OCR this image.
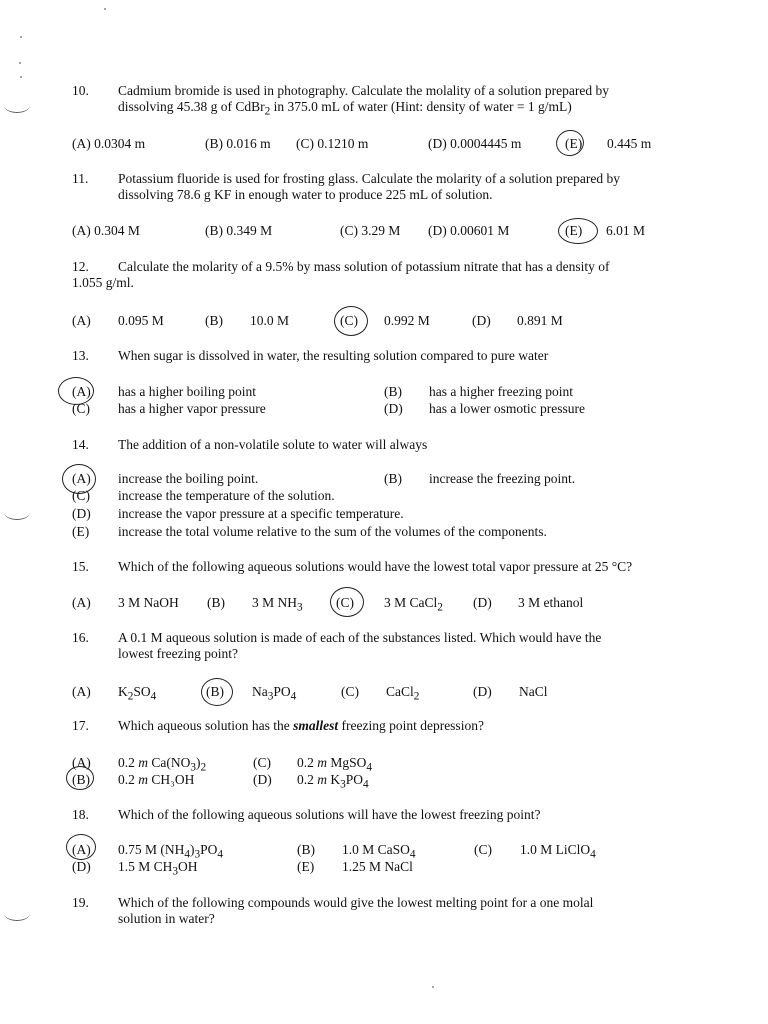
10. Cadmium bromide is used in photography. Calculate the molality of a solution prepared by
dissolving 45.38 g of CdBr$_2$ in 375.0 mL of water (Hint: density of water = 1 g/mL)
(A) 0.0304 m	(B) 0.016 m (C) 0.1210 m	(D) 0.0004445 m	(E) 0.445 m
11. Potassium fluoride is used for frosting glass. Calculate the molarity of a solution prepared by
dissolving 78.6 g KF in enough water to produce 225 mL of solution.
(A) 0.304 M	(B) 0.349 M	(C) 3.29 M (D) 0.00601 M	(E) 6.01 M
12. Calculate the molarity of a 9.5% by mass solution of potassium nitrate that has a density of
1.055 g/ml.
(A) 0.095 M	(B) 10.0 M	(C) 0.992 M	(D) 0.891 M
13. When sugar is dissolved in water, the resulting solution compared to pure water
(A) has a higher boiling point	(B) has a higher freezing point
(C) has a higher vapor pressure	(D) has a lower osmotic pressure
14. The addition of a non-volatile solute to water will always
(A) increase the boiling point.	(B) increase the freezing point.
(C) increase the temperature of the solution.
(D) increase the vapor pressure at a specific temperature.
(E) increase the total volume relative to the sum of the volumes of the components.
15. Which of the following aqueous solutions would have the lowest total vapor pressure at 25 °C?
(A) 3 M NaOH (B) 3 M $NH_3$ (C) 3 M CaCl$_2$ (D) 3 M ethanol
16. A 0.1 M aqueous solution is made of each of the substances listed. Which would have the
lowest freezing point?
(A) $K_2SO_4$	(B) $Na_3PO_4$	(C) CaCl$_2$	(D) NaCl
17. Which aqueous solution has the smallest freezing point depression?
(A) 0.2 m $Ca(NO_3)_2$	(C) 0.2 m MgSO$_4$
(B) 0.2 m CH₃OH	(D) 0.2 m $K_3PO_4$
18. Which of the following aqueous solutions will have the lowest freezing point?
(A) 0.75 M $(NH_4)_3PO_4$	(B) 1.0 M CaSO$_4$	(C) 1.0 M LiClO$_4$
(D) 1.5 M $CH_3OH$	(E) 1.25 M NaCl
19. Which of the following compounds would give the lowest melting point for a one molal
solution in water?
